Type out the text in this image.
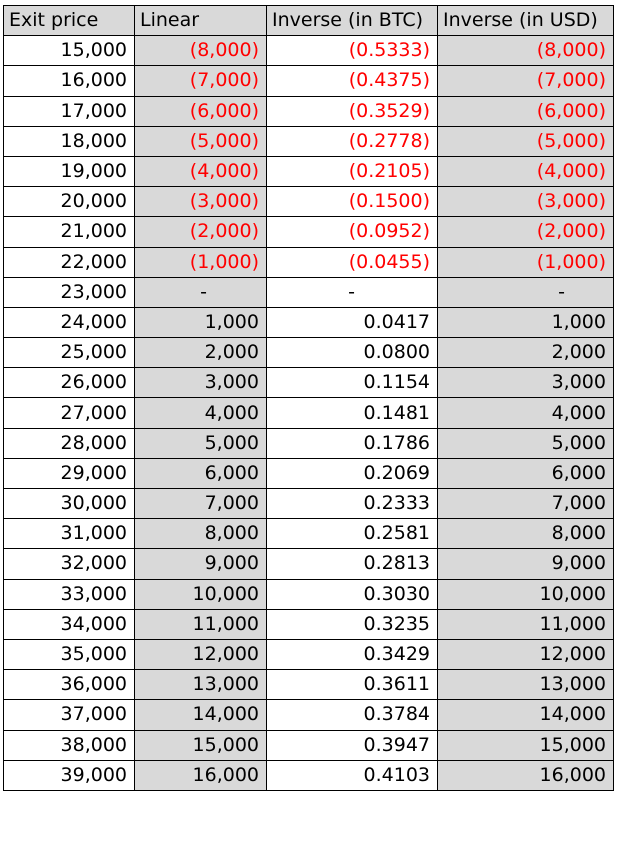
Exit price	Linear	Inverse (in BTC)	Inverse (in USD)
15,000	(8,000)	(0.5333)	(8,000)
16,000	(7,000)	(0.4375)	(7,000)
17,000	(6,000)	(0.3529)	(6,000)
18,000	(5,000)	(0.2778)	(5,000)
19,000	(4,000)	(0.2105)	(4,000)
20,000	(3,000)	(0.1500)	(3,000)
21,000	(2,000)	(0.0952)	(2,000)
22,000	(1,000)	(0.0455)	(1,000)
23,000	-	-	-
24,000	1,000	0.0417	1,000
25,000	2,000	0.0800	2,000
26,000	3,000	0.1154	3,000
27,000	4,000	0.1481	4,000
28,000	5,000	0.1786	5,000
29,000	6,000	0.2069	6,000
30,000	7,000	0.2333	7,000
31,000	8,000	0.2581	8,000
32,000	9,000	0.2813	9,000
33,000	10,000	0.3030	10,000
34,000	11,000	0.3235	11,000
35,000	12,000	0.3429	12,000
36,000	13,000	0.3611	13,000
37,000	14,000	0.3784	14,000
38,000	15,000	0.3947	15,000
39,000	16,000	0.4103	16,000
